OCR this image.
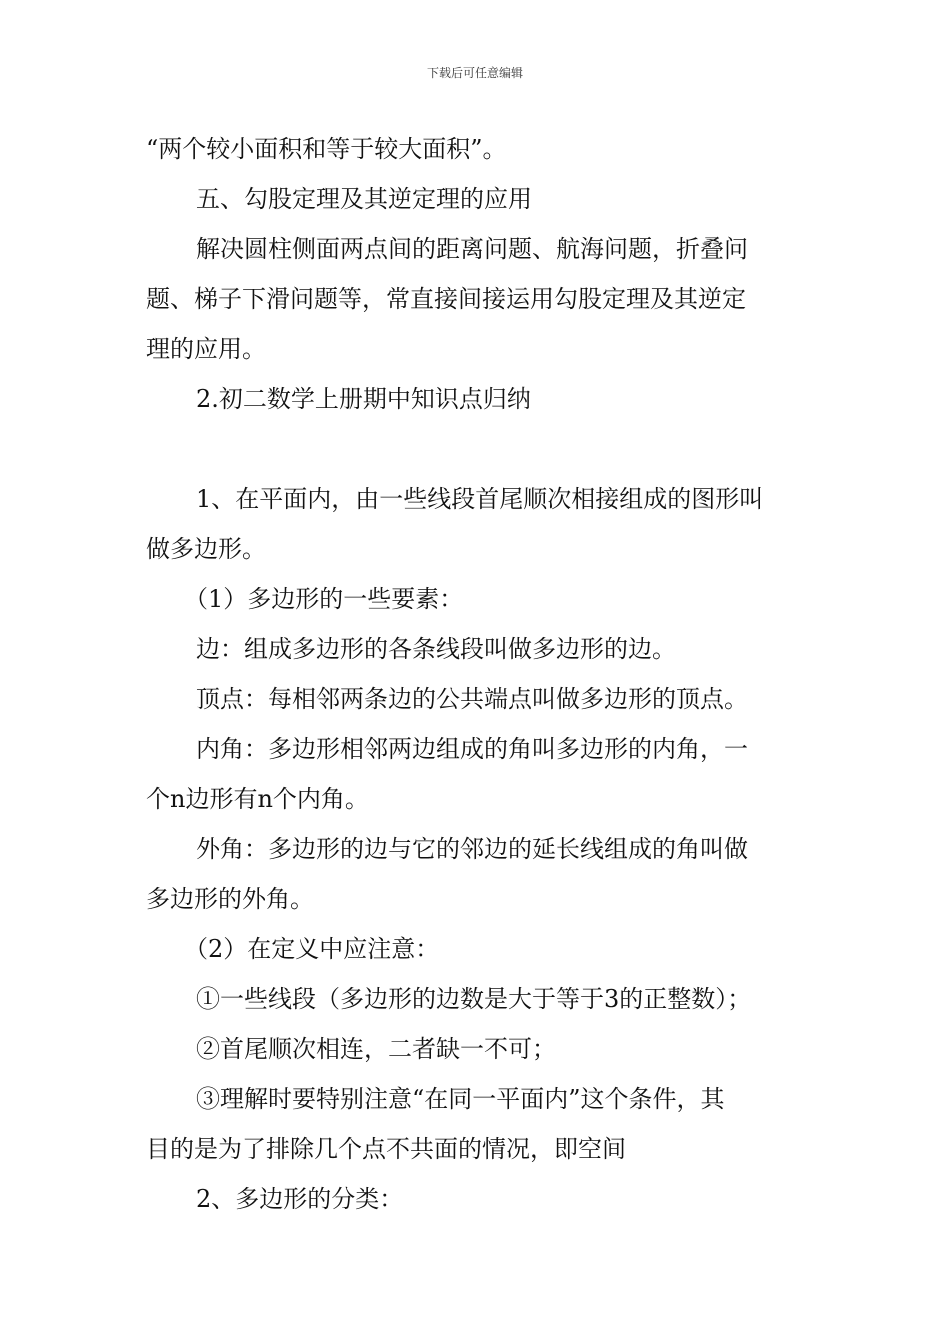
下载后可任意编辑
“两个较小面积和等于较大面积”。
五、勾股定理及其逆定理的应用
解决圆柱侧面两点间的距离问题、航海问题，折叠问
题、梯子下滑问题等，常直接间接运用勾股定理及其逆定
理的应用。
2.初二数学上册期中知识点归纳
1、在平面内，由一些线段首尾顺次相接组成的图形叫
做多边形。
（1）多边形的一些要素：
边：组成多边形的各条线段叫做多边形的边。
顶点：每相邻两条边的公共端点叫做多边形的顶点。
内角：多边形相邻两边组成的角叫多边形的内角，一
个n边形有n个内角。
外角：多边形的边与它的邻边的延长线组成的角叫做
多边形的外角。
（2）在定义中应注意：
①一些线段（多边形的边数是大于等于3的正整数）；
②首尾顺次相连，二者缺一不可；
③理解时要特别注意“在同一平面内”这个条件，其
目的是为了排除几个点不共面的情况，即空间
2、多边形的分类：
